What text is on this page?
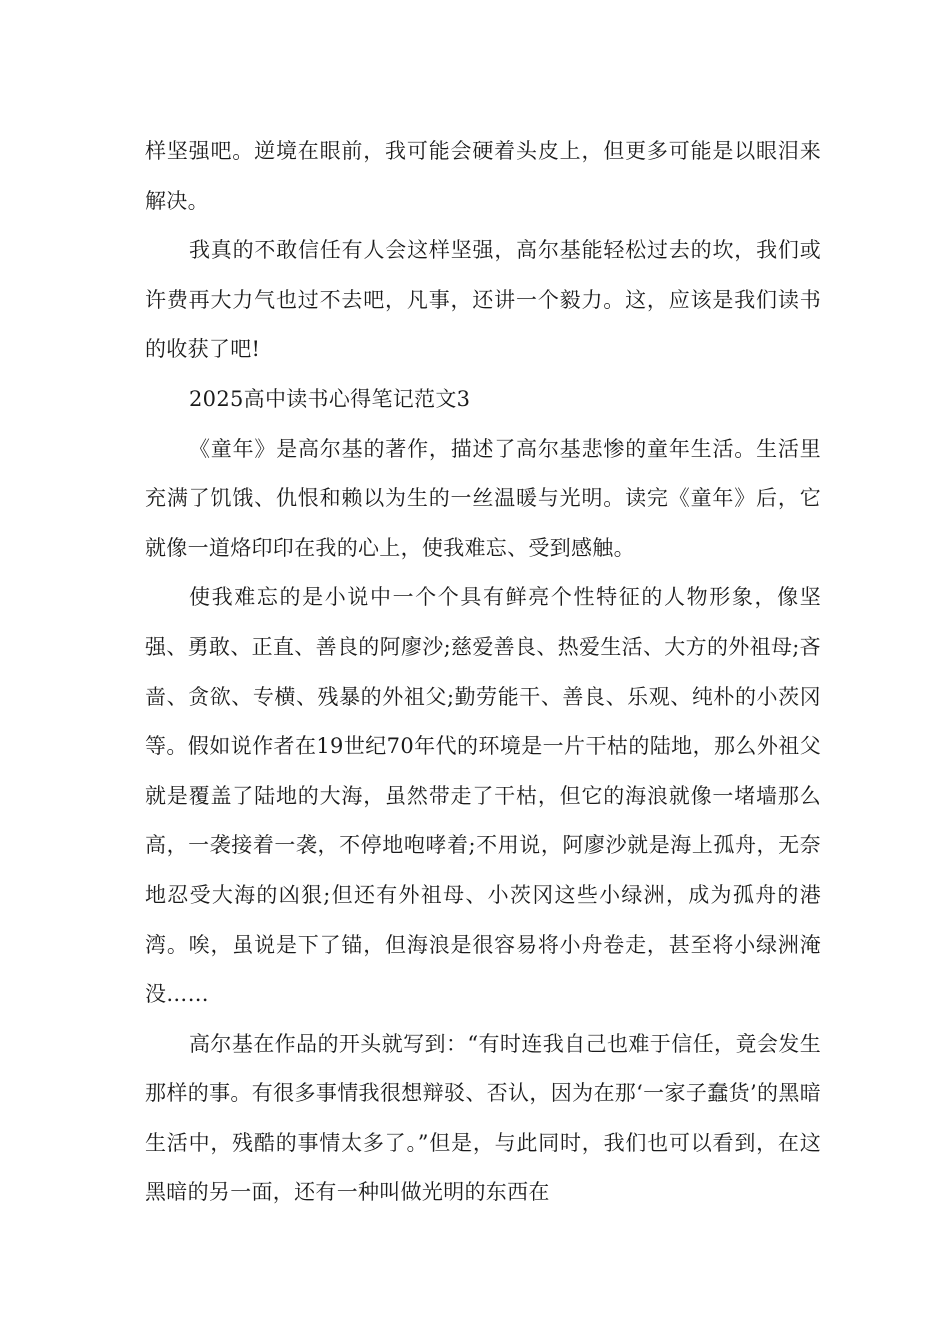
样坚强吧。逆境在眼前，我可能会硬着头皮上，但更多可能是以眼泪来解决。

我真的不敢信任有人会这样坚强，高尔基能轻松过去的坎，我们或许费再大力气也过不去吧，凡事，还讲一个毅力。这，应该是我们读书的收获了吧!

2025高中读书心得笔记范文3

《童年》是高尔基的著作，描述了高尔基悲惨的童年生活。生活里充满了饥饿、仇恨和赖以为生的一丝温暖与光明。读完《童年》后，它就像一道烙印印在我的心上，使我难忘、受到感触。

使我难忘的是小说中一个个具有鲜亮个性特征的人物形象，像坚强、勇敢、正直、善良的阿廖沙;慈爱善良、热爱生活、大方的外祖母;吝啬、贪欲、专横、残暴的外祖父;勤劳能干、善良、乐观、纯朴的小茨冈等。假如说作者在19世纪70年代的环境是一片干枯的陆地，那么外祖父就是覆盖了陆地的大海，虽然带走了干枯，但它的海浪就像一堵墙那么高，一袭接着一袭，不停地咆哮着;不用说，阿廖沙就是海上孤舟，无奈地忍受大海的凶狠;但还有外祖母、小茨冈这些小绿洲，成为孤舟的港湾。唉，虽说是下了锚，但海浪是很容易将小舟卷走，甚至将小绿洲淹没……

高尔基在作品的开头就写到：“有时连我自己也难于信任，竟会发生那样的事。有很多事情我很想辩驳、否认，因为在那‘一家子蠢货’的黑暗生活中，残酷的事情太多了。”但是，与此同时，我们也可以看到，在这黑暗的另一面，还有一种叫做光明的东西在
